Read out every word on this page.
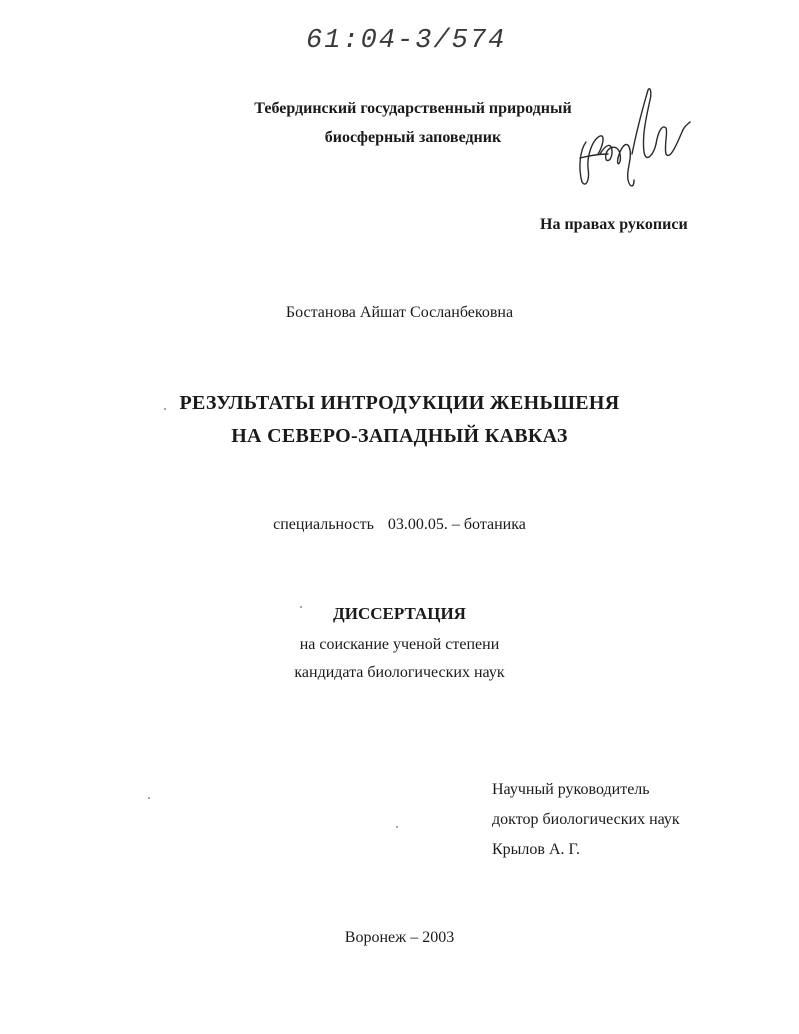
61:04-3/574
Тебердинский государственный природный
биосферный заповедник
На правах рукописи
Бостанова Айшат Сосланбековна
РЕЗУЛЬТАТЫ ИНТРОДУКЦИИ ЖЕНЬШЕНЯ
НА СЕВЕРО-ЗАПАДНЫЙ КАВКАЗ
специальность 03.00.05. – ботаника
ДИССЕРТАЦИЯ
на соискание ученой степени
кандидата биологических наук
Научный руководитель
доктор биологических наук
Крылов А. Г.
Воронеж – 2003
